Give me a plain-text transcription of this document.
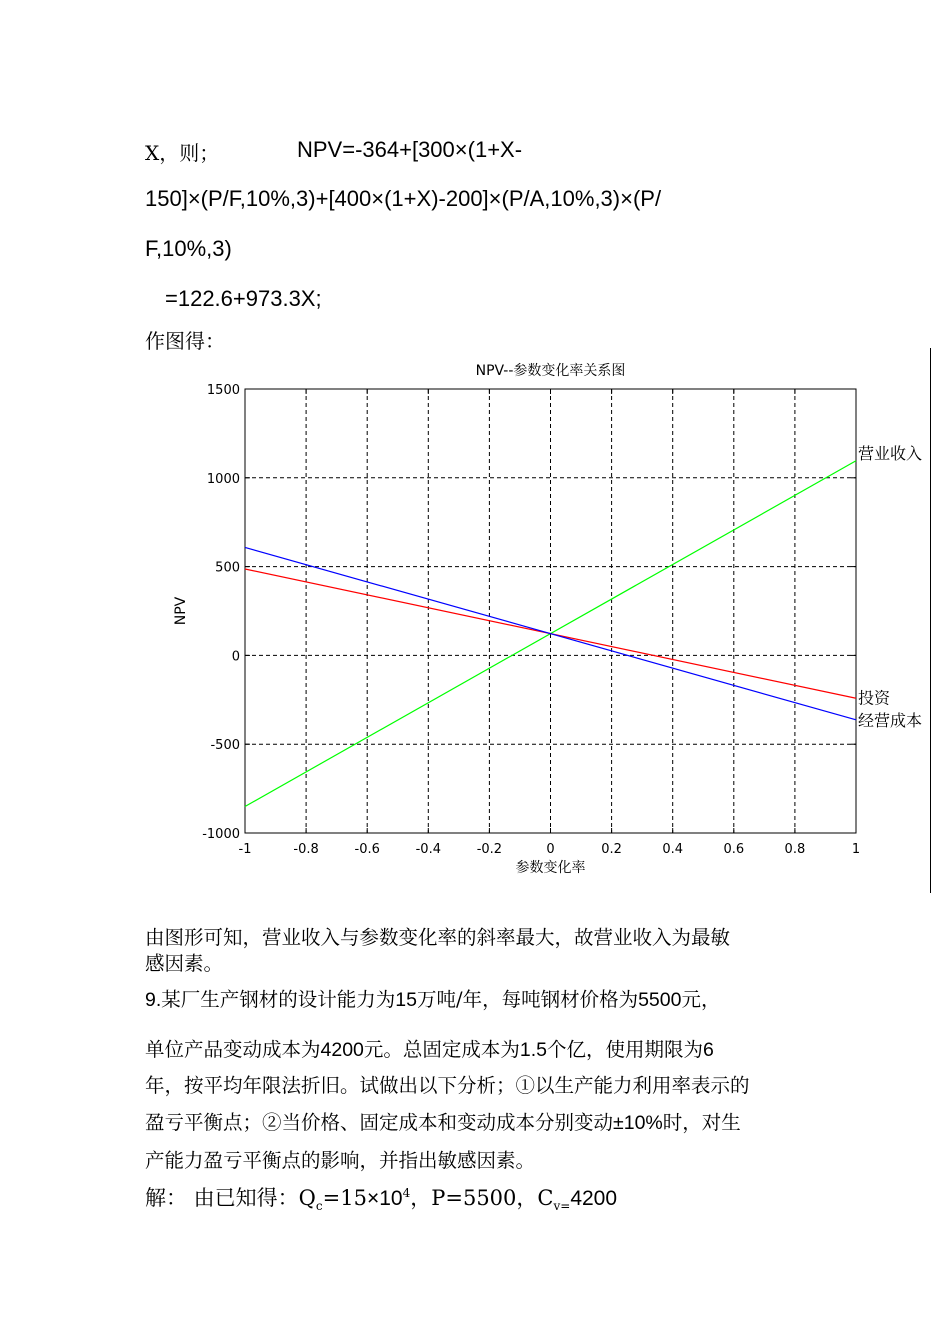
X，则；	NPV=-364+[300×(1+X-
150]×(P/F,10%,3)+[400×(1+X)-200]×(P/A,10%,3)×(P/
F,10%,3)
=122.6+973.3X;
作图得：
-1	-0.8	-0.6	-0.4	-0.2	0	0.2	0.4	0.6	0.8	1
1500
1000
500
0
-500
-1000
NPV--参数变化率关系图
参数变化率
NPV
营业收入
投资
经营成本
由图形可知，营业收入与参数变化率的斜率最大，故营业收入为最敏
感因素。
9.某厂生产钢材的设计能力为15万吨/年，每吨钢材价格为5500元，
单位产品变动成本为4200元。总固定成本为1.5个亿，使用期限为6
年，按平均年限法折旧。试做出以下分析；①以生产能力利用率表示的
盈亏平衡点；②当价格、固定成本和变动成本分别变动±10%时，对生
产能力盈亏平衡点的影响，并指出敏感因素。
解： 由已知得：$Q_c=15\times 10^4$，P=5500，$C_{v=}4200$
